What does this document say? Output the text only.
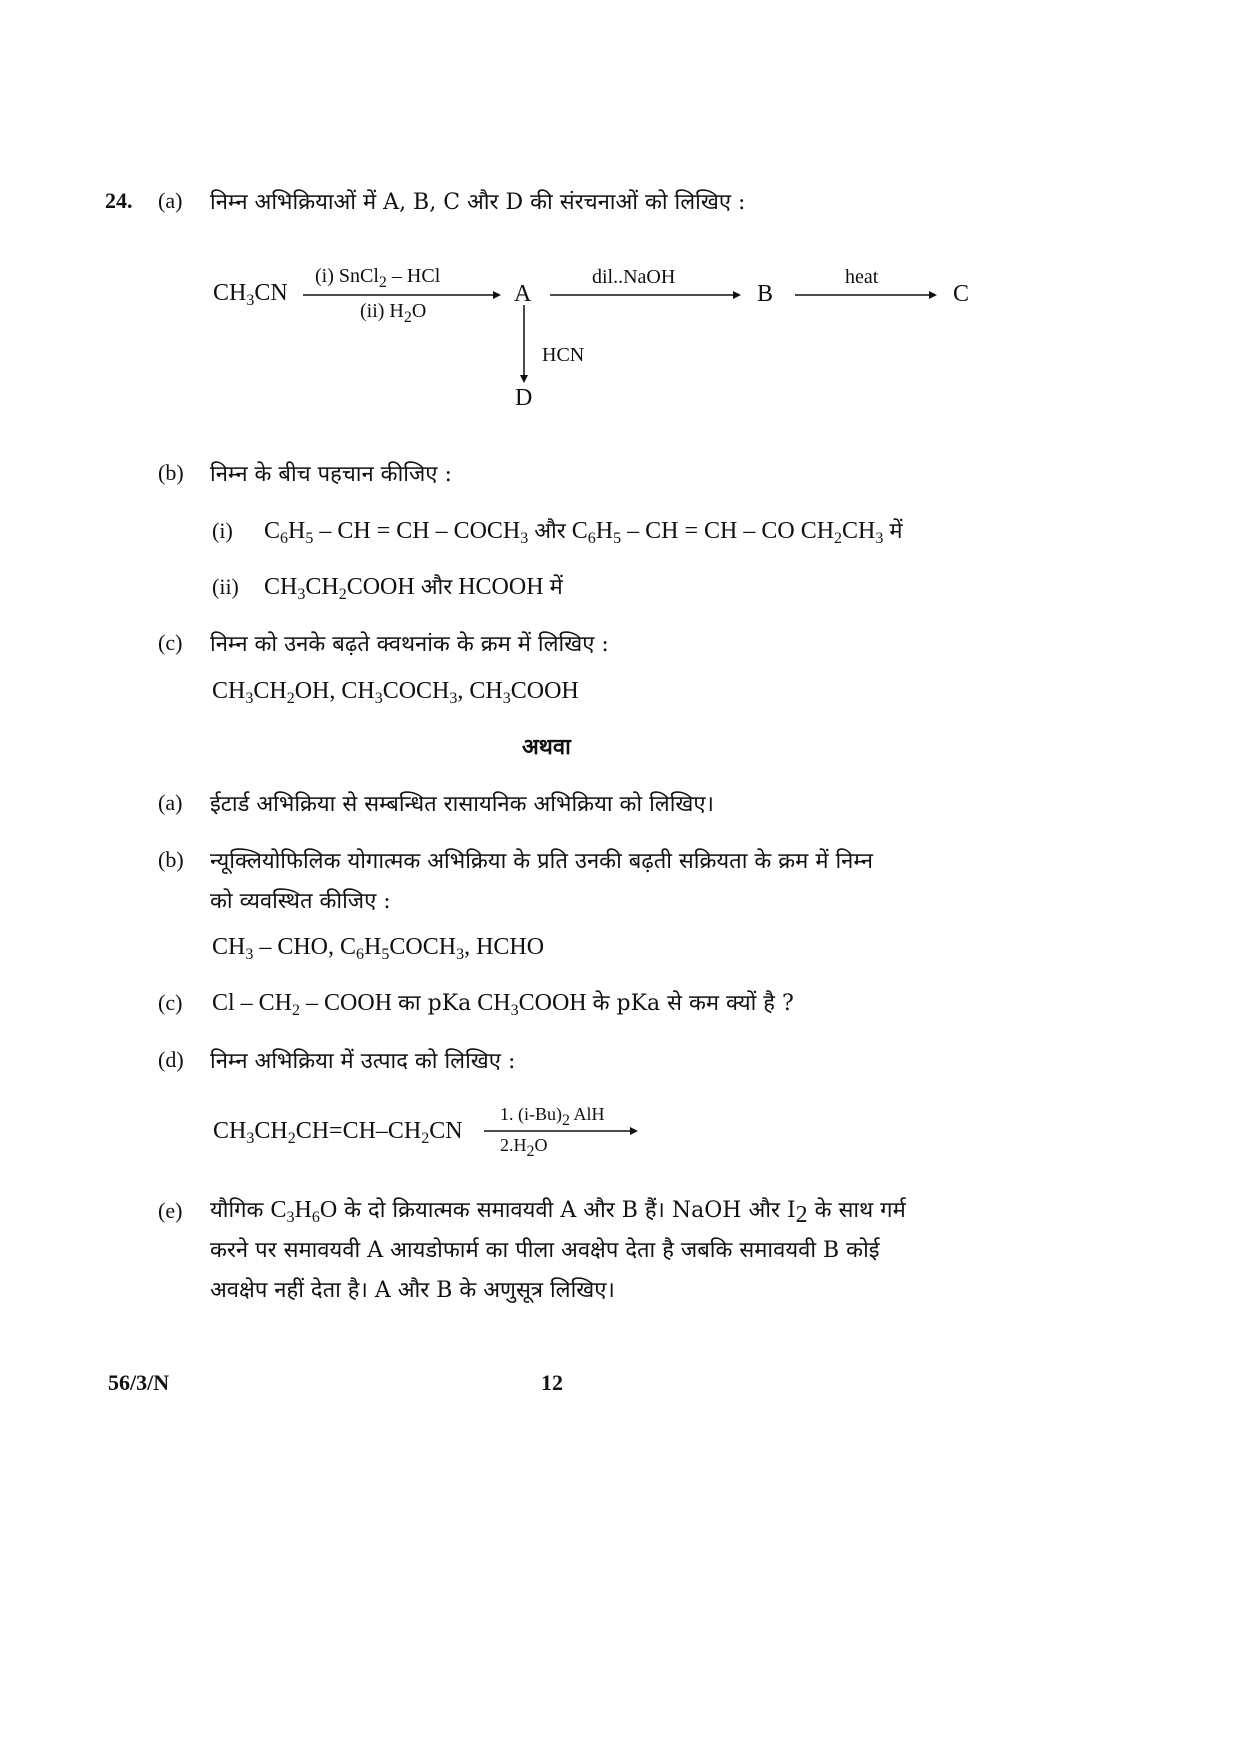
24. (a) निम्न अभिक्रियाओं में A, B, C और D की संरचनाओं को लिखिए :
$CH_3CN$
(i) SnCl$_2$ – HCl
(ii) $H_2O$
A
dil..NaOH
B
heat
C
HCN
D
(b) निम्न के बीच पहचान कीजिए :
(i) $C_6H_5$ – CH = CH – $COCH_3$ और $C_6H_5$ – CH = CH – CO $CH_2CH_3$ में
(ii) $CH_3CH_2COOH$ और HCOOH में
(c) निम्न को उनके बढ़ते क्वथनांक के क्रम में लिखिए :
$CH_3CH_2OH$, $CH_3COCH_3$, $CH_3COOH$
अथवा
(a) ईटार्ड अभिक्रिया से सम्बन्धित रासायनिक अभिक्रिया को लिखिए।
(b) न्यूक्लियोफिलिक योगात्मक अभिक्रिया के प्रति उनकी बढ़ती सक्रियता के क्रम में निम्न
को व्यवस्थित कीजिए :
$CH_3$ – CHO, $C_6H_5COCH_3$, HCHO
(c) Cl – $CH_2$ – COOH का pKa $CH_3COOH$ के pKa से कम क्यों है ?
(d) निम्न अभिक्रिया में उत्पाद को लिखिए :
$CH_3CH_2CH=CH-CH_2CN$
1. $(i-Bu)_2$ AlH
$2.H_2O$
(e) यौगिक $C_3H_6O$ के दो क्रियात्मक समावयवी A और B हैं। NaOH और $I_2$ के साथ गर्म
करने पर समावयवी A आयडोफार्म का पीला अवक्षेप देता है जबकि समावयवी B कोई
अवक्षेप नहीं देता है। A और B के अणुसूत्र लिखिए।
56/3/N	12
